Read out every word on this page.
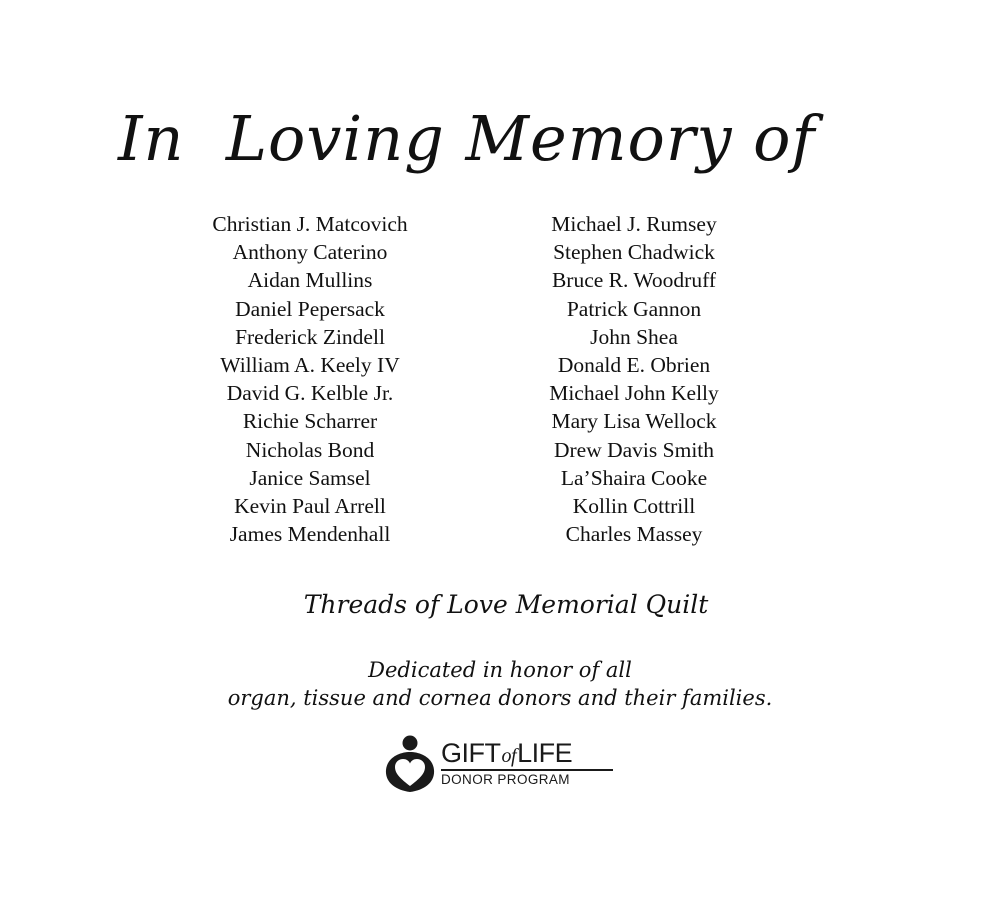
In  Loving Memory of
Christian J. Matcovich
Anthony Caterino
Aidan Mullins
Daniel Pepersack
Frederick Zindell
William A. Keely IV
David G. Kelble Jr.
Richie Scharrer
Nicholas Bond
Janice Samsel
Kevin Paul Arrell
James Mendenhall
Michael J. Rumsey
Stephen Chadwick
Bruce R. Woodruff
Patrick Gannon
John Shea
Donald E. Obrien
Michael John Kelly
Mary Lisa Wellock
Drew Davis Smith
La’Shaira Cooke
Kollin Cottrill
Charles Massey

Threads of Love Memorial Quilt

Dedicated in honor of all
organ, tissue and cornea donors and their families.

GIFTofLIFE
DONOR PROGRAM
